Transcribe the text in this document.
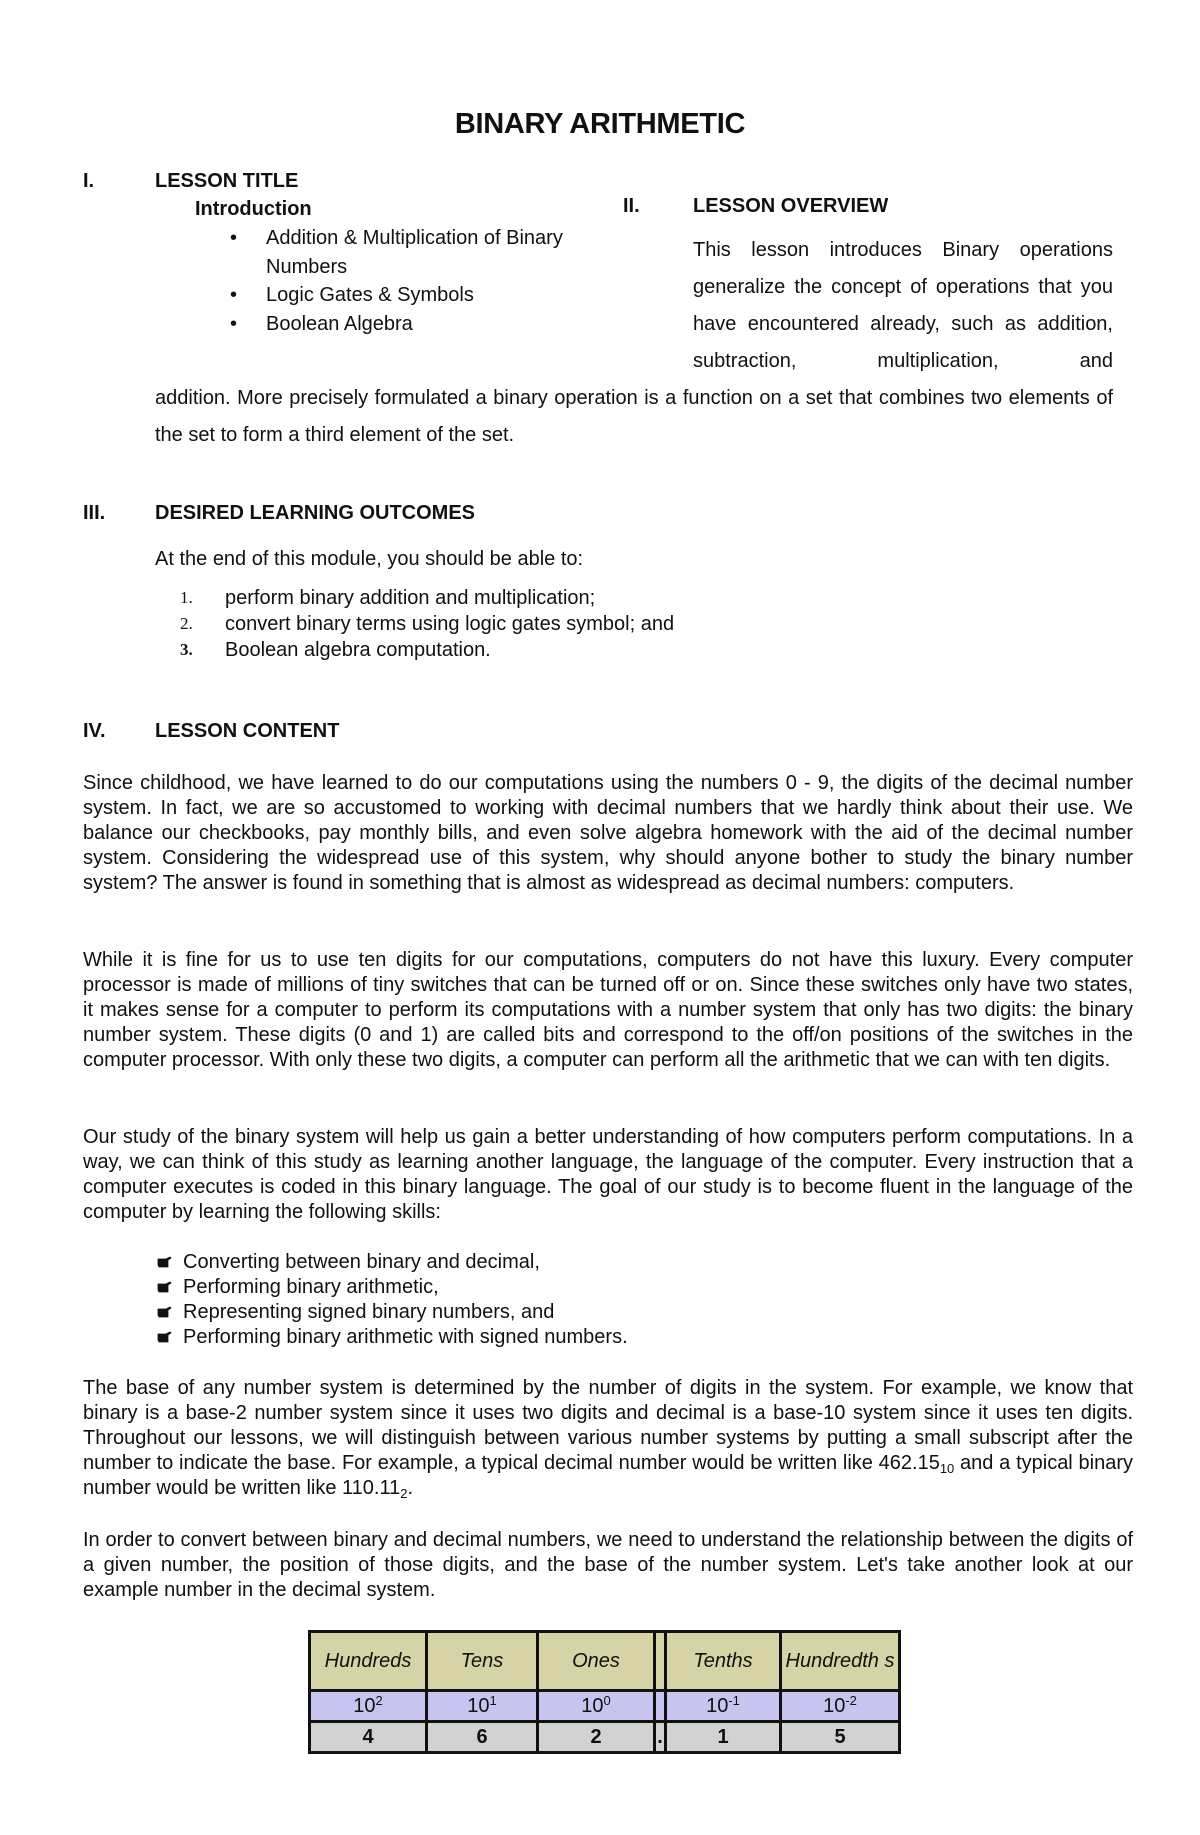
BINARY ARITHMETIC
I.	LESSON TITLE
Introduction
• Addition & Multiplication of Binary Numbers
• Logic Gates & Symbols
• Boolean Algebra
II.	LESSON OVERVIEW

This lesson introduces Binary operations generalize the concept of operations that you have encountered already, such as addition, subtraction, multiplication, and

addition. More precisely formulated a binary operation is a function on a set that combines two elements of the set to form a third element of the set.

III. DESIRED LEARNING OUTCOMES
At the end of this module, you should be able to:
1. perform binary addition and multiplication;
2. convert binary terms using logic gates symbol; and
3. Boolean algebra computation.
IV. LESSON CONTENT

Since childhood, we have learned to do our computations using the numbers 0 - 9, the digits of the decimal number system. In fact, we are so accustomed to working with decimal numbers that we hardly think about their use. We balance our checkbooks, pay monthly bills, and even solve algebra homework with the aid of the decimal number system. Considering the widespread use of this system, why should anyone bother to study the binary number system? The answer is found in something that is almost as widespread as decimal numbers: computers.

While it is fine for us to use ten digits for our computations, computers do not have this luxury. Every computer processor is made of millions of tiny switches that can be turned off or on. Since these switches only have two states, it makes sense for a computer to perform its computations with a number system that only has two digits: the binary number system. These digits (0 and 1) are called bits and correspond to the off/on positions of the switches in the computer processor. With only these two digits, a computer can perform all the arithmetic that we can with ten digits.

Our study of the binary system will help us gain a better understanding of how computers perform computations. In a way, we can think of this study as learning another language, the language of the computer. Every instruction that a computer executes is coded in this binary language. The goal of our study is to become fluent in the language of the computer by learning the following skills:

Converting between binary and decimal,
Performing binary arithmetic,
Representing signed binary numbers, and
Performing binary arithmetic with signed numbers.

The base of any number system is determined by the number of digits in the system. For example, we know that binary is a base-2 number system since it uses two digits and decimal is a base-10 system since it uses ten digits. Throughout our lessons, we will distinguish between various number systems by putting a small subscript after the number to indicate the base. For example, a typical decimal number would be written like $462.15_{10}$ and a typical binary number would be written like $110.11_2$.

In order to convert between binary and decimal numbers, we need to understand the relationship between the digits of a given number, the position of those digits, and the base of the number system. Let's take another look at our example number in the decimal system.

Hundreds	Tens	Ones		Tenths	Hundredth s
$10^2$	$10^1$	$10^0$		$10^{-1}$	$10^{-2}$
4	6	2	.	1	5
